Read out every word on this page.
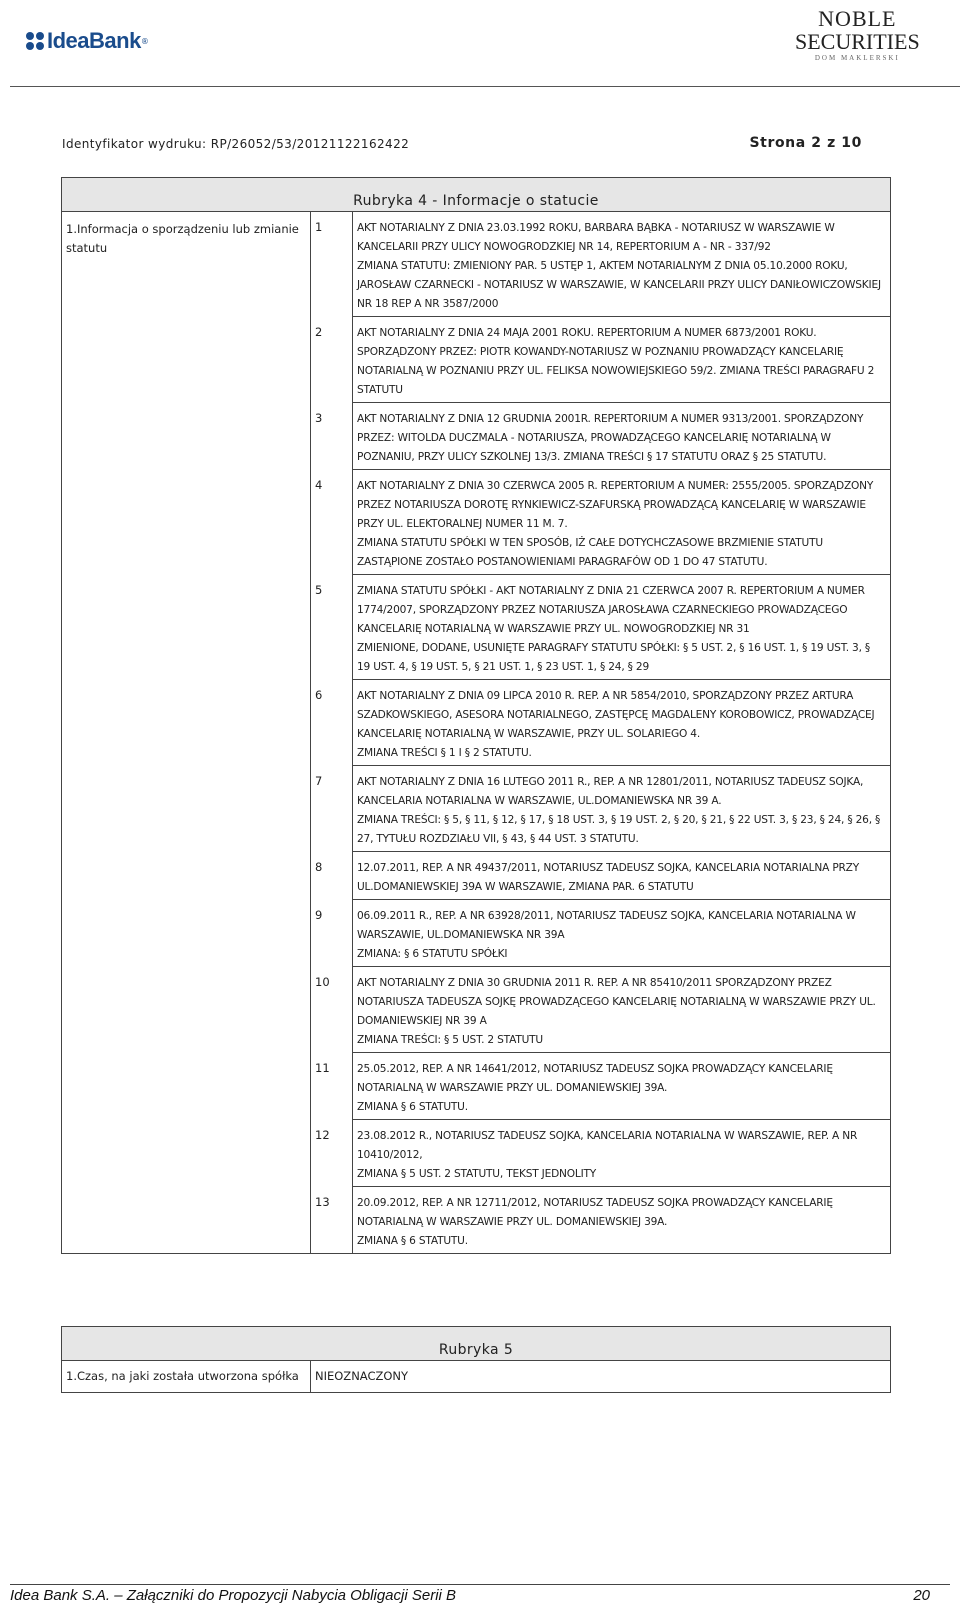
IdeaBank ®
NOBLE
SECURITIES
DOM MAKLERSKI
Identyfikator wydruku: RP/26052/53/20121122162422	Strona 2 z 10
Rubryka 4 - Informacje o statucie		
1.Informacja o sporządzeniu lub zmianie statutu	1	AKT NOTARIALNY Z DNIA 23.03.1992 ROKU, BARBARA BĄBKA - NOTARIUSZ W WARSZAWIE W KANCELARII PRZY ULICY NOWOGRODZKIEJ NR 14, REPERTORIUM A - NR - 337/92
ZMIANA STATUTU: ZMIENIONY PAR. 5 USTĘP 1, AKTEM NOTARIALNYM Z DNIA 05.10.2000 ROKU, JAROSŁAW CZARNECKI - NOTARIUSZ W WARSZAWIE, W KANCELARII PRZY ULICY DANIŁOWICZOWSKIEJ NR 18 REP A NR 3587/2000
	2	AKT NOTARIALNY Z DNIA 24 MAJA 2001 ROKU. REPERTORIUM A NUMER 6873/2001 ROKU. SPORZĄDZONY PRZEZ: PIOTR KOWANDY-NOTARIUSZ W POZNANIU PROWADZĄCY KANCELARIĘ NOTARIALNĄ W POZNANIU PRZY UL. FELIKSA NOWOWIEJSKIEGO 59/2. ZMIANA TREŚCI PARAGRAFU 2 STATUTU
	3	AKT NOTARIALNY Z DNIA 12 GRUDNIA 2001R. REPERTORIUM A NUMER 9313/2001. SPORZĄDZONY PRZEZ: WITOLDA DUCZMALA - NOTARIUSZA, PROWADZĄCEGO KANCELARIĘ NOTARIALNĄ W POZNANIU, PRZY ULICY SZKOLNEJ 13/3. ZMIANA TREŚCI § 17 STATUTU ORAZ § 25 STATUTU.
	4	AKT NOTARIALNY Z DNIA 30 CZERWCA 2005 R. REPERTORIUM A NUMER: 2555/2005. SPORZĄDZONY PRZEZ NOTARIUSZA DOROTĘ RYNKIEWICZ-SZAFURSKĄ PROWADZĄCĄ KANCELARIĘ W WARSZAWIE PRZY UL. ELEKTORALNEJ NUMER 11 M. 7.
ZMIANA STATUTU SPÓŁKI W TEN SPOSÓB, IŻ CAŁE DOTYCHCZASOWE BRZMIENIE STATUTU ZASTĄPIONE ZOSTAŁO POSTANOWIENIAMI PARAGRAFÓW OD 1 DO 47 STATUTU.
	5	ZMIANA STATUTU SPÓŁKI - AKT NOTARIALNY Z DNIA 21 CZERWCA 2007 R. REPERTORIUM A NUMER 1774/2007, SPORZĄDZONY PRZEZ NOTARIUSZA JAROSŁAWA CZARNECKIEGO PROWADZĄCEGO KANCELARIĘ NOTARIALNĄ W WARSZAWIE PRZY UL. NOWOGRODZKIEJ NR 31
ZMIENIONE, DODANE, USUNIĘTE PARAGRAFY STATUTU SPÓŁKI: § 5 UST. 2, § 16 UST. 1, § 19 UST. 3, § 19 UST. 4, § 19 UST. 5, § 21 UST. 1, § 23 UST. 1, § 24, § 29
	6	AKT NOTARIALNY Z DNIA 09 LIPCA 2010 R. REP. A NR 5854/2010, SPORZĄDZONY PRZEZ ARTURA SZADKOWSKIEGO, ASESORA NOTARIALNEGO, ZASTĘPCĘ MAGDALENY KOROBOWICZ, PROWADZĄCEJ KANCELARIĘ NOTARIALNĄ W WARSZAWIE, PRZY UL. SOLARIEGO 4.
ZMIANA TREŚCI § 1 I § 2 STATUTU.
	7	AKT NOTARIALNY Z DNIA 16 LUTEGO 2011 R., REP. A NR 12801/2011, NOTARIUSZ TADEUSZ SOJKA, KANCELARIA NOTARIALNA W WARSZAWIE, UL.DOMANIEWSKA NR 39 A.
ZMIANA TREŚCI: § 5, § 11, § 12, § 17, § 18 UST. 3, § 19 UST. 2, § 20, § 21, § 22 UST. 3, § 23, § 24, § 26, § 27, TYTUŁU ROZDZIAŁU VII, § 43, § 44 UST. 3 STATUTU.
	8	12.07.2011, REP. A NR 49437/2011, NOTARIUSZ TADEUSZ SOJKA, KANCELARIA NOTARIALNA PRZY UL.DOMANIEWSKIEJ 39A W WARSZAWIE, ZMIANA PAR. 6 STATUTU
	9	06.09.2011 R., REP. A NR 63928/2011, NOTARIUSZ TADEUSZ SOJKA, KANCELARIA NOTARIALNA W WARSZAWIE, UL.DOMANIEWSKA NR 39A
ZMIANA: § 6 STATUTU SPÓŁKI
	10	AKT NOTARIALNY Z DNIA 30 GRUDNIA 2011 R. REP. A NR 85410/2011 SPORZĄDZONY PRZEZ NOTARIUSZA TADEUSZA SOJKĘ PROWADZĄCEGO KANCELARIĘ NOTARIALNĄ W WARSZAWIE PRZY UL. DOMANIEWSKIEJ NR 39 A
ZMIANA TREŚCI: § 5 UST. 2 STATUTU
	11	25.05.2012, REP. A NR 14641/2012, NOTARIUSZ TADEUSZ SOJKA PROWADZĄCY KANCELARIĘ NOTARIALNĄ W WARSZAWIE PRZY UL. DOMANIEWSKIEJ 39A.
ZMIANA § 6 STATUTU.
	12	23.08.2012 R., NOTARIUSZ TADEUSZ SOJKA, KANCELARIA NOTARIALNA W WARSZAWIE, REP. A NR 10410/2012,
ZMIANA § 5 UST. 2 STATUTU, TEKST JEDNOLITY
	13	20.09.2012, REP. A NR 12711/2012, NOTARIUSZ TADEUSZ SOJKA PROWADZĄCY KANCELARIĘ NOTARIALNĄ W WARSZAWIE PRZY UL. DOMANIEWSKIEJ 39A.
ZMIANA § 6 STATUTU.
Rubryka 5
1.Czas, na jaki została utworzona spółka	NIEOZNACZONY
Idea Bank S.A. – Załączniki do Propozycji Nabycia Obligacji Serii B	20
